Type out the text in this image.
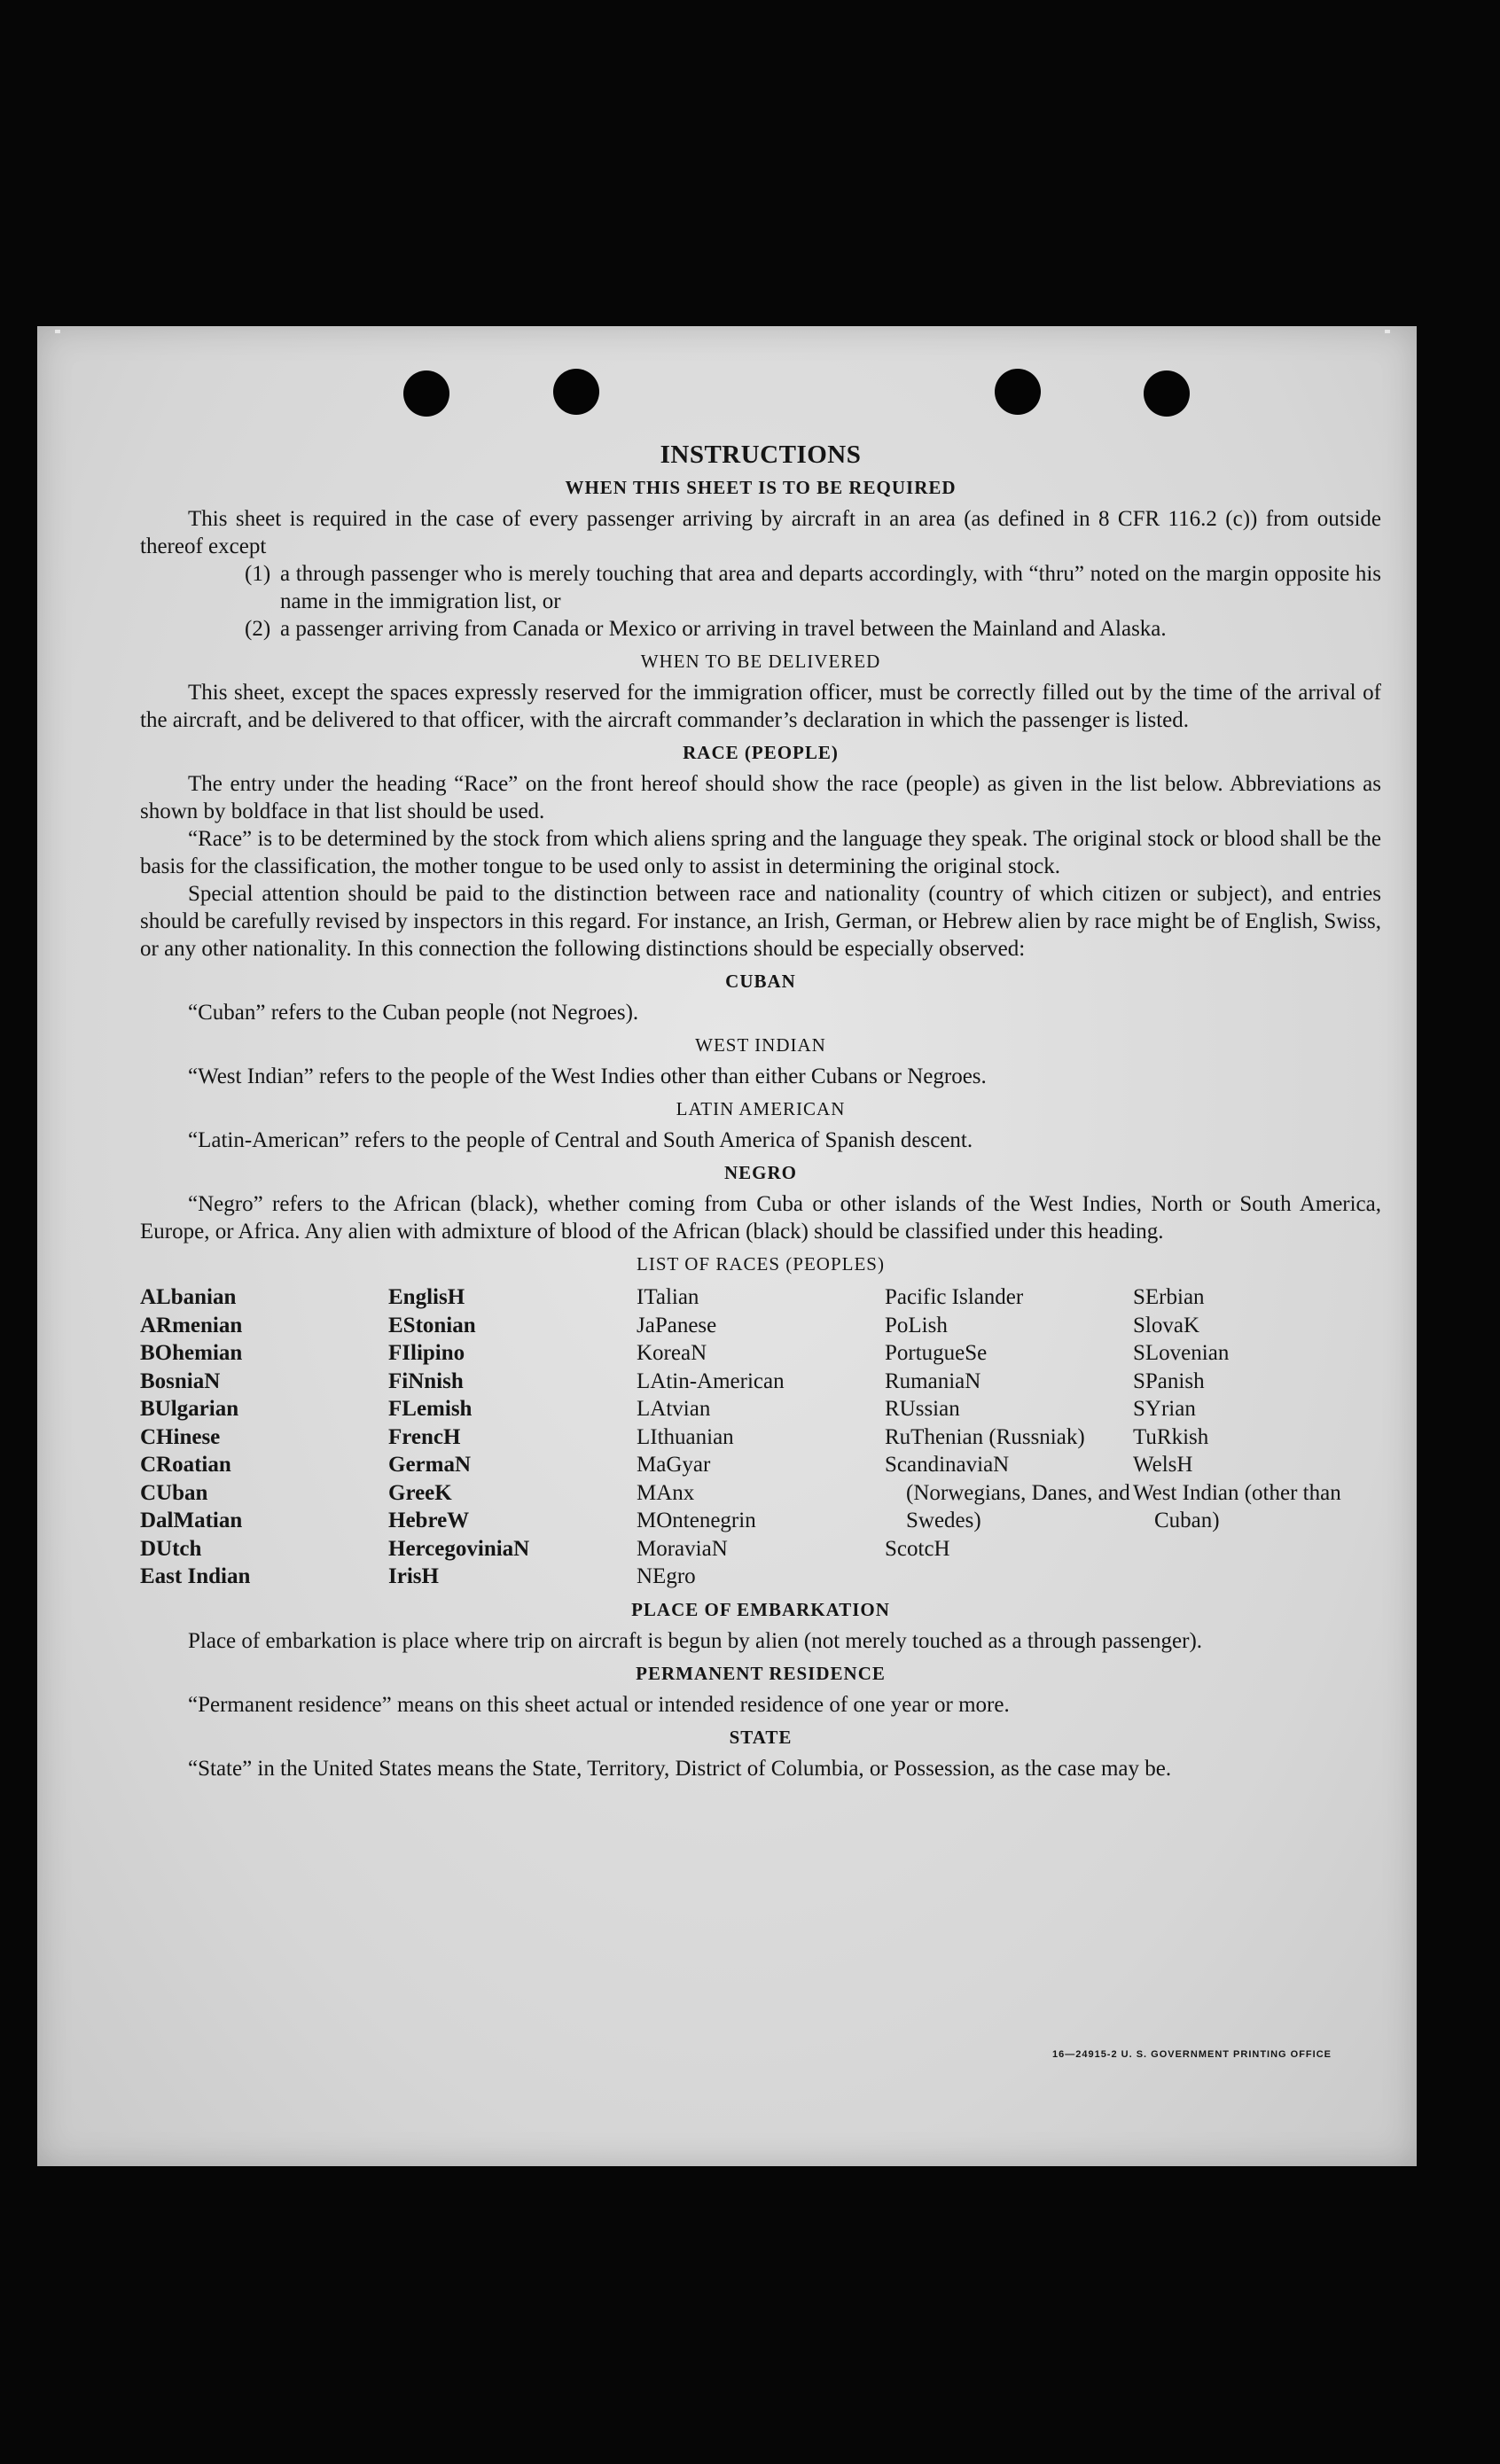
INSTRUCTIONS
WHEN THIS SHEET IS TO BE REQUIRED

This sheet is required in the case of every passenger arriving by aircraft in an area (as defined in 8 CFR 116.2 (c)) from outside thereof except

(1) a through passenger who is merely touching that area and departs accordingly, with “thru” noted on the margin opposite his name in the immigration list, or
(2) a passenger arriving from Canada or Mexico or arriving in travel between the Mainland and Alaska.
WHEN TO BE DELIVERED

This sheet, except the spaces expressly reserved for the immigration officer, must be correctly filled out by the time of the arrival of the aircraft, and be delivered to that officer, with the aircraft commander’s declaration in which the passenger is listed.

RACE (PEOPLE)

The entry under the heading “Race” on the front hereof should show the race (people) as given in the list below. Abbreviations as shown by boldface in that list should be used.

“Race” is to be determined by the stock from which aliens spring and the language they speak. The original stock or blood shall be the basis for the classification, the mother tongue to be used only to assist in determining the original stock.

Special attention should be paid to the distinction between race and nationality (country of which citizen or subject), and entries should be carefully revised by inspectors in this regard. For instance, an Irish, German, or Hebrew alien by race might be of English, Swiss, or any other nationality. In this connection the following distinctions should be especially observed:

CUBAN

“Cuban” refers to the Cuban people (not Negroes).

WEST INDIAN

“West Indian” refers to the people of the West Indies other than either Cubans or Negroes.

LATIN AMERICAN

“Latin-American” refers to the people of Central and South America of Spanish descent.

NEGRO

“Negro” refers to the African (black), whether coming from Cuba or other islands of the West Indies, North or South America, Europe, or Africa. Any alien with admixture of blood of the African (black) should be classified under this heading.

LIST OF RACES (PEOPLES)
ALbanian
ARmenian
BOhemian
BosniaN
BUlgarian
CHinese
CRoatian
CUban
DalMatian
DUtch
East Indian
EnglisH
EStonian
FIlipino
FiNnish
FLemish
FrencH
GermaN
GreeK
HebreW
HercegoviniaN
IrisH
ITalian
JaPanese
KoreaN
LAtin-American
LAtvian
LIthuanian
MaGyar
MAnx
MOntenegrin
MoraviaN
NEgro
Pacific Islander
PoLish
PortugueSe
RumaniaN
RUssian
RuThenian (Russniak)
ScandinaviaN (Norwegians, Danes, and Swedes)
ScotcH
SErbian
SlovaK
SLovenian
SPanish
SYrian
TuRkish
WelsH
West Indian (other than Cuban)
PLACE OF EMBARKATION

Place of embarkation is place where trip on aircraft is begun by alien (not merely touched as a through passenger).

PERMANENT RESIDENCE

“Permanent residence” means on this sheet actual or intended residence of one year or more.

STATE

“State” in the United States means the State, Territory, District of Columbia, or Possession, as the case may be.

16—24915-2 U. S. GOVERNMENT PRINTING OFFICE
